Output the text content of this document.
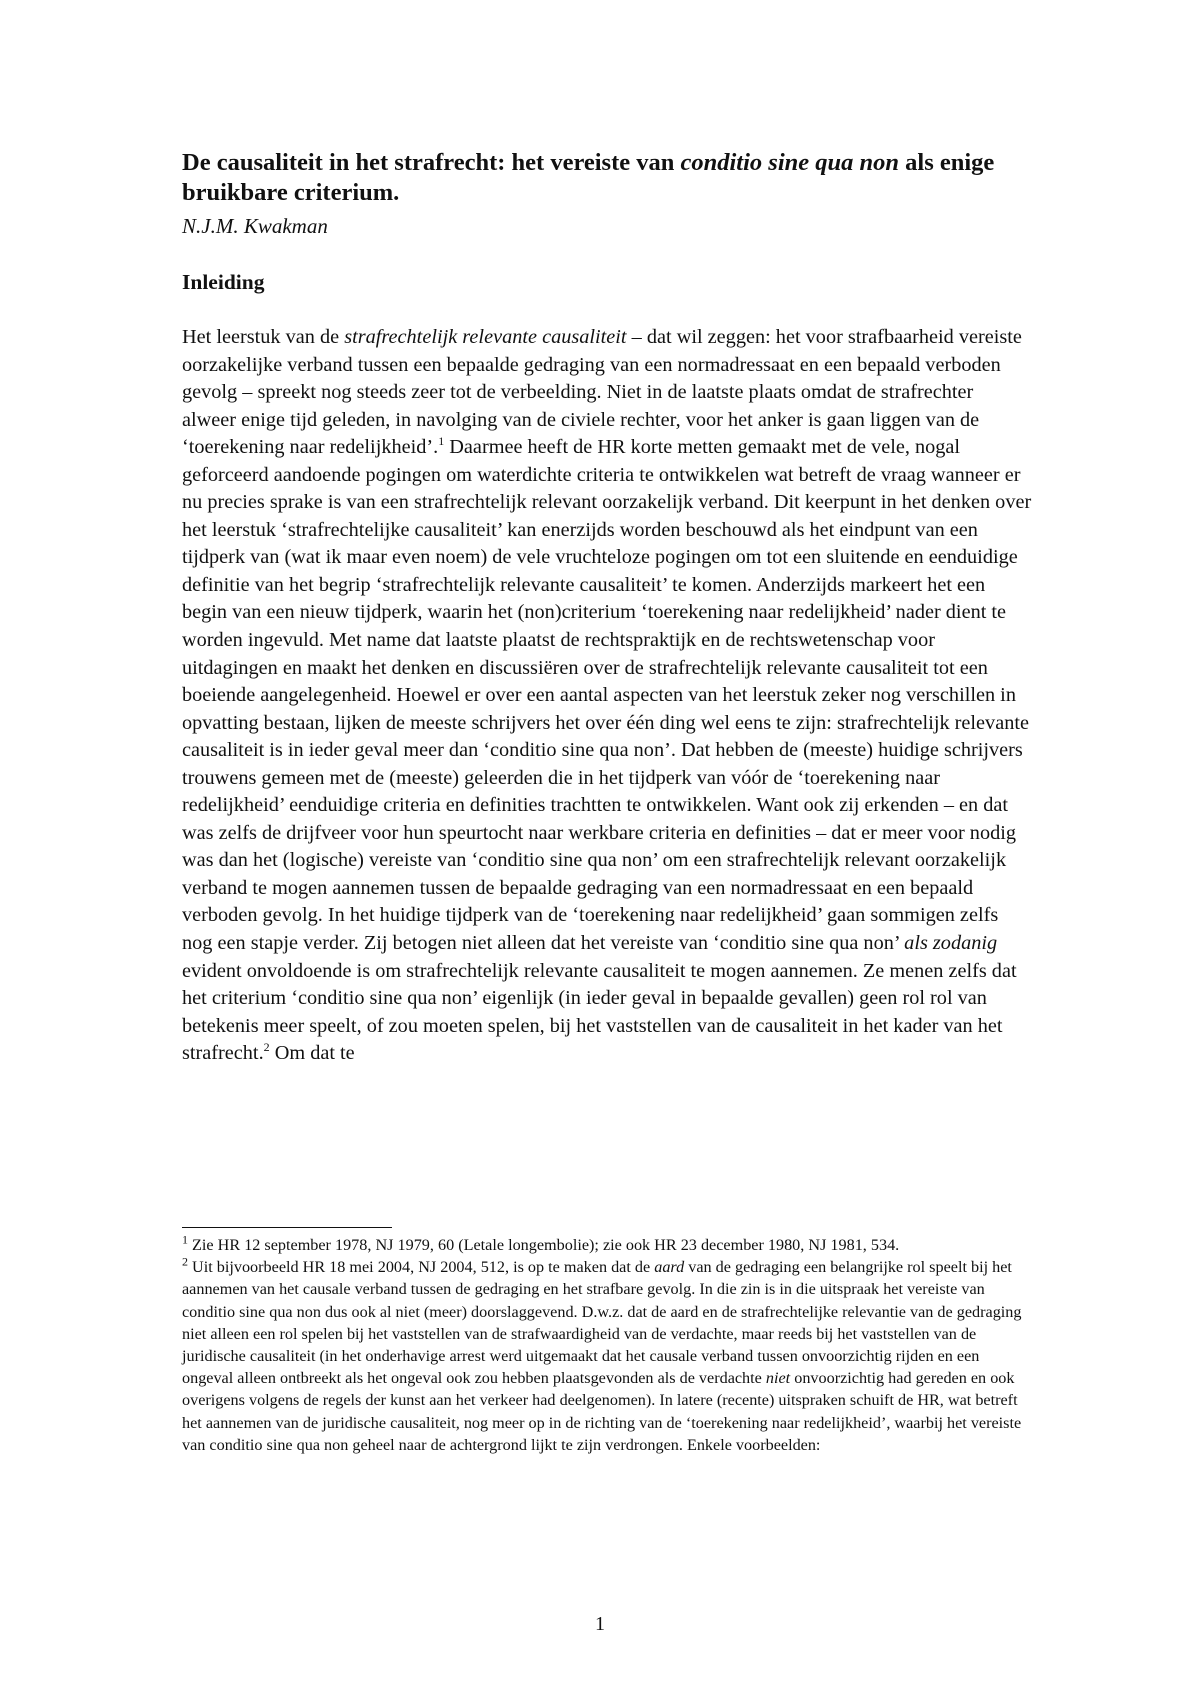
De causaliteit in het strafrecht: het vereiste van conditio sine qua non als enige bruikbare criterium.

N.J.M. Kwakman

Inleiding

Het leerstuk van de strafrechtelijk relevante causaliteit – dat wil zeggen: het voor strafbaarheid vereiste oorzakelijke verband tussen een bepaalde gedraging van een normadressaat en een bepaald verboden gevolg – spreekt nog steeds zeer tot de verbeelding. Niet in de laatste plaats omdat de strafrechter alweer enige tijd geleden, in navolging van de civiele rechter, voor het anker is gaan liggen van de ‘toerekening naar redelijkheid’.$^1$ Daarmee heeft de HR korte metten gemaakt met de vele, nogal geforceerd aandoende pogingen om waterdichte criteria te ontwikkelen wat betreft de vraag wanneer er nu precies sprake is van een strafrechtelijk relevant oorzakelijk verband. Dit keerpunt in het denken over het leerstuk ‘strafrechtelijke causaliteit’ kan enerzijds worden beschouwd als het eindpunt van een tijdperk van (wat ik maar even noem) de vele vruchteloze pogingen om tot een sluitende en eenduidige definitie van het begrip ‘strafrechtelijk relevante causaliteit’ te komen. Anderzijds markeert het een begin van een nieuw tijdperk, waarin het (non)criterium ‘toerekening naar redelijkheid’ nader dient te worden ingevuld. Met name dat laatste plaatst de rechtspraktijk en de rechtswetenschap voor uitdagingen en maakt het denken en discussiëren over de strafrechtelijk relevante causaliteit tot een boeiende aangelegenheid. Hoewel er over een aantal aspecten van het leerstuk zeker nog verschillen in opvatting bestaan, lijken de meeste schrijvers het over één ding wel eens te zijn: strafrechtelijk relevante causaliteit is in ieder geval meer dan ‘conditio sine qua non’. Dat hebben de (meeste) huidige schrijvers trouwens gemeen met de (meeste) geleerden die in het tijdperk van vóór de ‘toerekening naar redelijkheid’ eenduidige criteria en definities trachtten te ontwikkelen. Want ook zij erkenden – en dat was zelfs de drijfveer voor hun speurtocht naar werkbare criteria en definities – dat er meer voor nodig was dan het (logische) vereiste van ‘conditio sine qua non’ om een strafrechtelijk relevant oorzakelijk verband te mogen aannemen tussen de bepaalde gedraging van een normadressaat en een bepaald verboden gevolg. In het huidige tijdperk van de ‘toerekening naar redelijkheid’ gaan sommigen zelfs nog een stapje verder. Zij betogen niet alleen dat het vereiste van ‘conditio sine qua non’ als zodanig evident onvoldoende is om strafrechtelijk relevante causaliteit te mogen aannemen. Ze menen zelfs dat het criterium ‘conditio sine qua non’ eigenlijk (in ieder geval in bepaalde gevallen) geen rol rol van betekenis meer speelt, of zou moeten spelen, bij het vaststellen van de causaliteit in het kader van het strafrecht.$^2$ Om dat te

$^1$ Zie HR 12 september 1978, NJ 1979, 60 (Letale longembolie); zie ook HR 23 december 1980, NJ 1981, 534.

$^2$ Uit bijvoorbeeld HR 18 mei 2004, NJ 2004, 512, is op te maken dat de aard van de gedraging een belangrijke rol speelt bij het aannemen van het causale verband tussen de gedraging en het strafbare gevolg. In die zin is in die uitspraak het vereiste van conditio sine qua non dus ook al niet (meer) doorslaggevend. D.w.z. dat de aard en de strafrechtelijke relevantie van de gedraging niet alleen een rol spelen bij het vaststellen van de strafwaardigheid van de verdachte, maar reeds bij het vaststellen van de juridische causaliteit (in het onderhavige arrest werd uitgemaakt dat het causale verband tussen onvoorzichtig rijden en een ongeval alleen ontbreekt als het ongeval ook zou hebben plaatsgevonden als de verdachte niet onvoorzichtig had gereden en ook overigens volgens de regels der kunst aan het verkeer had deelgenomen). In latere (recente) uitspraken schuift de HR, wat betreft het aannemen van de juridische causaliteit, nog meer op in de richting van de ‘toerekening naar redelijkheid’, waarbij het vereiste van conditio sine qua non geheel naar de achtergrond lijkt te zijn verdrongen. Enkele voorbeelden:

1
